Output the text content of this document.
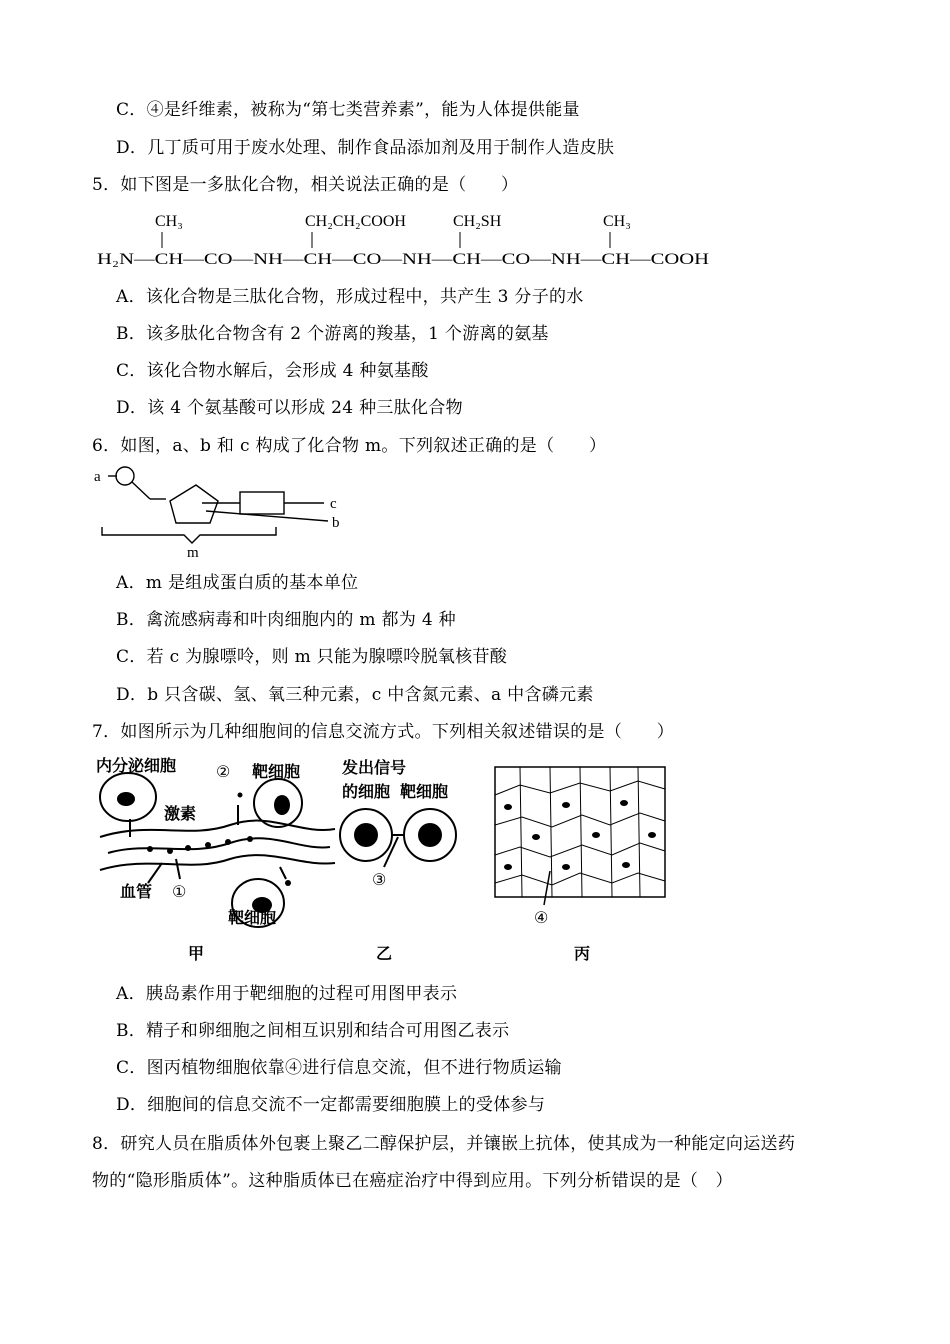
C．④是纤维素，被称为“第七类营养素”，能为人体提供能量
D．几丁质可用于废水处理、制作食品添加剂及用于制作人造皮肤
5．如下图是一多肽化合物，相关说法正确的是（　　）
CH₃	CH₂CH₂COOH	CH₂SH	CH₃
H₂N—CH—CO—NH—CH—CO—NH—CH—CO—NH—CH—COOH
A．该化合物是三肽化合物，形成过程中，共产生 3 分子的水
B．该多肽化合物含有 2 个游离的羧基，1 个游离的氨基
C．该化合物水解后，会形成 4 种氨基酸
D．该 4 个氨基酸可以形成 24 种三肽化合物
6．如图，a、b 和 c 构成了化合物 m。下列叙述正确的是（　　）
a
c
b
m
A．m 是组成蛋白质的基本单位
B．禽流感病毒和叶肉细胞内的 m 都为 4 种
C．若 c 为腺嘌呤，则 m 只能为腺嘌呤脱氧核苷酸
D．b 只含碳、氢、氧三种元素，c 中含氮元素、a 中含磷元素
7．如图所示为几种细胞间的信息交流方式。下列相关叙述错误的是（　　）
内分泌细胞 ② 靶细胞
激素
血管 ①
靶细胞
甲
发出信号
的细胞 靶细胞
③
乙
④
丙
A．胰岛素作用于靶细胞的过程可用图甲表示
B．精子和卵细胞之间相互识别和结合可用图乙表示
C．图丙植物细胞依靠④进行信息交流，但不进行物质运输
D．细胞间的信息交流不一定都需要细胞膜上的受体参与
8．研究人员在脂质体外包裹上聚乙二醇保护层，并镶嵌上抗体，使其成为一种能定向运送药
物的“隐形脂质体”。这种脂质体已在癌症治疗中得到应用。下列分析错误的是（　）
